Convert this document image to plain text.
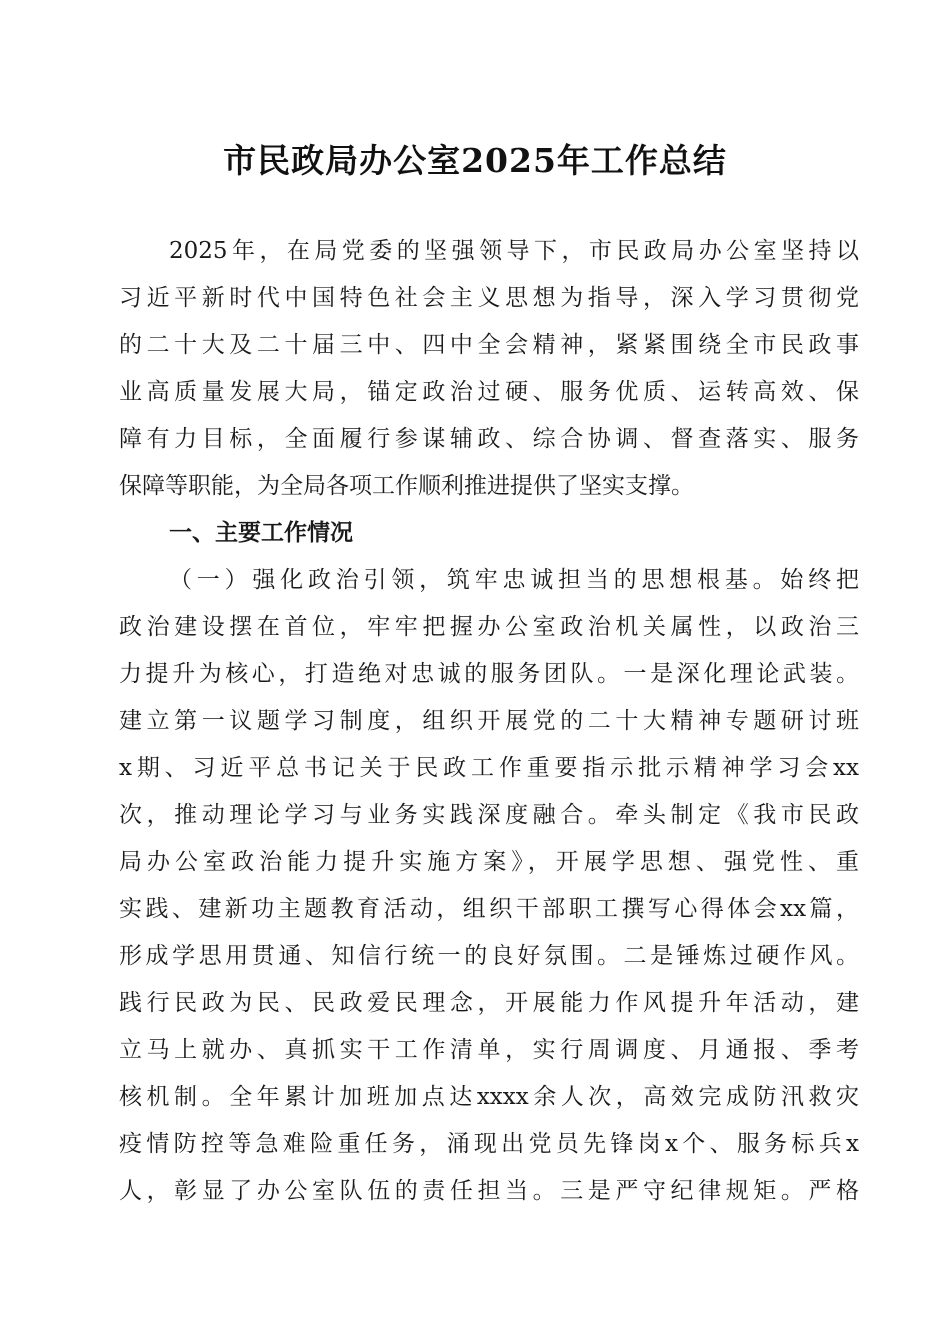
市民政局办公室2025年工作总结
2025年，在局党委的坚强领导下，市民政局办公室坚持以
习近平新时代中国特色社会主义思想为指导，深入学习贯彻党
的二十大及二十届三中、四中全会精神，紧紧围绕全市民政事
业高质量发展大局，锚定政治过硬、服务优质、运转高效、保
障有力目标，全面履行参谋辅政、综合协调、督查落实、服务
保障等职能，为全局各项工作顺利推进提供了坚实支撑。
一、主要工作情况
（一）强化政治引领，筑牢忠诚担当的思想根基。始终把
政治建设摆在首位，牢牢把握办公室政治机关属性，以政治三
力提升为核心，打造绝对忠诚的服务团队。一是深化理论武装。
建立第一议题学习制度，组织开展党的二十大精神专题研讨班
x期、习近平总书记关于民政工作重要指示批示精神学习会xx
次，推动理论学习与业务实践深度融合。牵头制定《我市民政
局办公室政治能力提升实施方案》，开展学思想、强党性、重
实践、建新功主题教育活动，组织干部职工撰写心得体会xx篇，
形成学思用贯通、知信行统一的良好氛围。二是锤炼过硬作风。
践行民政为民、民政爱民理念，开展能力作风提升年活动，建
立马上就办、真抓实干工作清单，实行周调度、月通报、季考
核机制。全年累计加班加点达xxxx余人次，高效完成防汛救灾
疫情防控等急难险重任务，涌现出党员先锋岗x个、服务标兵x
人，彰显了办公室队伍的责任担当。三是严守纪律规矩。严格
